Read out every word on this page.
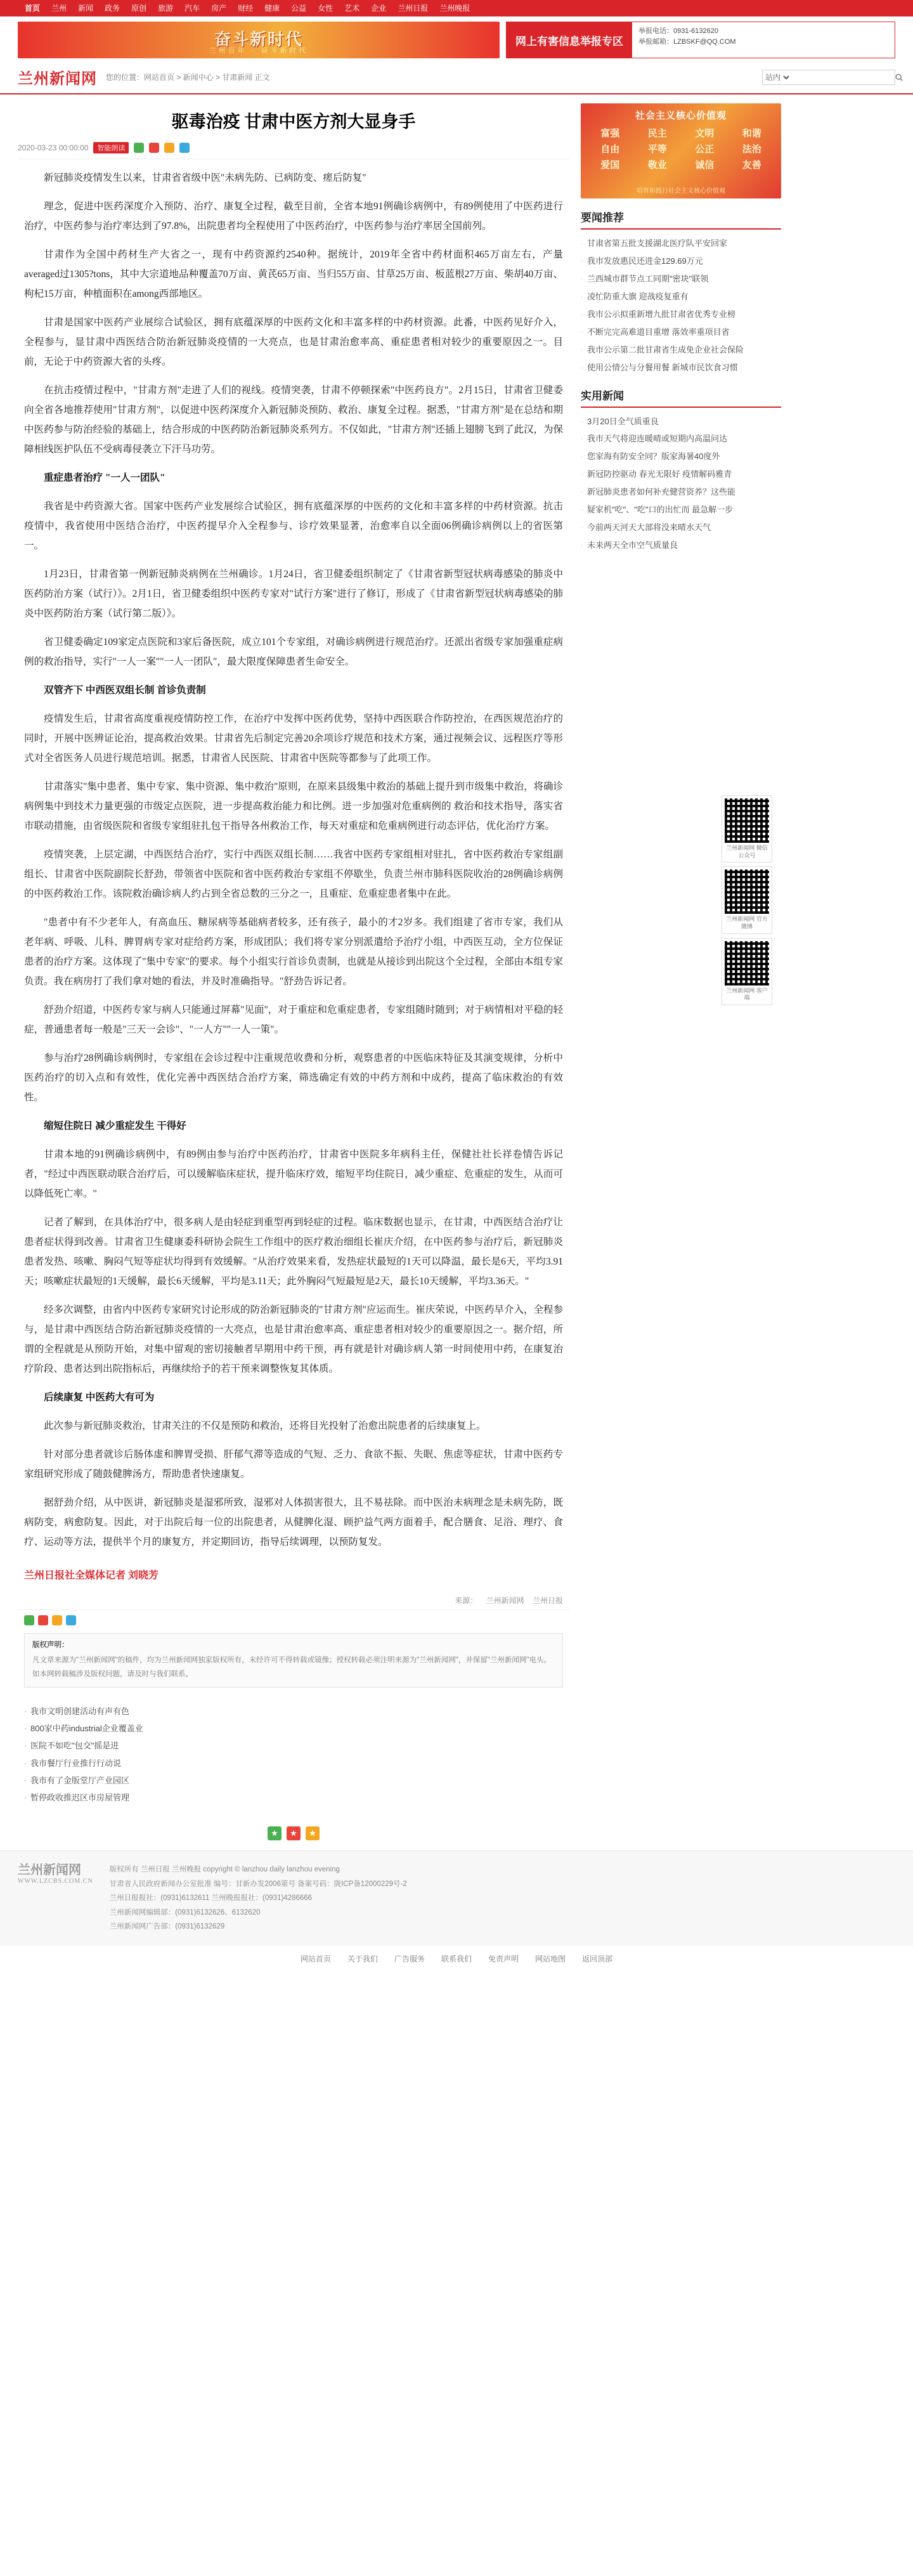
首页	兰州	新闻	政务	原创	旅游	汽车	房产	财经	健康	公益	女性	艺术	企业	兰州日报	兰州晚报
奋斗新时代
兰州百年 · 奋斗新时代
网上有害信息举报专区
举报电话：0931-6132620
举报邮箱：LZBSKF@QQ.COM
兰州新闻网 您的位置：网站首页 > 新闻中心 > 甘肃新闻 正文
站内
驱毒治疫 甘肃中医方剂大显身手
2020-03-23 00:00:00	智能朗读

新冠肺炎疫情发生以来，甘肃省省级中医"未病先防、已病防变、瘥后防复"

理念，促进中医药深度介入预防、治疗、康复全过程，截至目前，全省本地91例确诊病例中，有89例使用了中医药进行治疗，中医药参与治疗率达到了97.8%，出院患者均全程使用了中医药治疗，中医药参与治疗率居全国前列。

甘肃作为全国中药材生产大省之一，现有中药资源约2540种。据统计，2019年全省中药材面积465万亩左右，产量averaged过1305?tons，其中大宗道地品种覆盖70万亩、黄芪65万亩、当归55万亩、甘草25万亩、板蓝根27万亩、柴胡40万亩、枸杞15万亩，种植面积在among西部地区。

甘肃是国家中医药产业展综合试验区，拥有底蕴深厚的中医药文化和丰富多样的中药材资源。此番，中医药见好介入，全程参与，显甘肃中西医结合防治新冠肺炎疫情的一大亮点，也是甘肃治愈率高、重症患者相对较少的重要原因之一。目前，无论于中药资源大省的头疼。

在抗击疫情过程中，"甘肃方剂"走进了人们的视线。疫情突袭，甘肃不停顿探索"中医药良方"。2月15日，甘肃省卫健委向全省各地推荐使用"甘肃方剂"，以促进中医药深度介入新冠肺炎预防、救治、康复全过程。据悉，"甘肃方剂"是在总结和期中医药参与防治经验的基础上，结合形成的中医药防治新冠肺炎系列方。不仅如此，"甘肃方剂"还插上翅膀飞到了此汉，为保障相线医护队伍不受病毒侵袭立下汗马功劳。

重症患者治疗 "一人一团队"

我省是中药资源大省。国家中医药产业发展综合试验区，拥有底蕴深厚的中医药的文化和丰富多样的中药材资源。抗击疫情中，我省使用中医结合治疗，中医药提早介入全程参与、诊疗效果显著，治愈率自以全面06例确诊病例以上的省医第一。

1月23日，甘肃省第一例新冠肺炎病例在兰州确诊。1月24日，省卫健委组织制定了《甘肃省新型冠状病毒感染的肺炎中医药防治方案（试行）》。2月1日，省卫健委组织中医药专家对"试行方案"进行了修订，形成了《甘肃省新型冠状病毒感染的肺炎中医药防治方案（试行第二版）》。

省卫健委确定109家定点医院和3家后备医院，成立101个专家组，对确诊病例进行规范治疗。还派出省级专家加强重症病例的救治指导，实行"一人一案""一人一团队"，最大限度保障患者生命安全。

双管齐下 中西医双组长制 首诊负责制

疫情发生后，甘肃省高度重视疫情防控工作，在治疗中发挥中医药优势，坚持中西医联合作防控治，在西医规范治疗的同时，开展中医辨证论治，提高救治效果。甘肃省先后制定完善20余项诊疗规范和技术方案，通过视频会议、远程医疗等形式对全省医务人员进行规范培训。据悉，甘肃省人民医院、甘肃省中医院等都参与了此项工作。

甘肃落实"集中患者、集中专家、集中资源、集中救治"原则，在原来县级集中救治的基础上提升到市级集中救治，将确诊病例集中到技术力量更强的市级定点医院，进一步提高救治能力和比例。进一步加强对危重病例的 救治和技术指导，落实省市联动措施，由省级医院和省级专家组驻扎包干指导各州救治工作，每天对重症和危重病例进行动态评估，优化治疗方案。

疫情突袭，上层定湖，中西医结合治疗，实行中西医双组长制……我省中医药专家组相对驻扎，省中医药救治专家组副组长、甘肃省中医院副院长舒劲，带领省中医院和省中医药救治专家组不停歇坐，负责兰州市肺科医院收治的28例确诊病例的中医药救治工作。该院救治确诊病人约占到全省总数的三分之一，且重症、危重症患者集中在此。

"患者中有不少老年人，有高血压、糖尿病等基础病者较多，还有孩子，最小的才2岁多。我们组建了省市专家，我们从老年病、呼吸、儿科、脾胃病专家对症给药方案，形成团队；我们将专家分别派遣给予治疗小组，中西医互动，全方位保证 患者的治疗方案。这体现了"集中专家"的要求。每个小组实行首诊负责制，也就是从接诊到出院这个全过程，全部由本组专家负责。我在病房打了我们拿对她的看法，并及时准确指导。"舒劲告诉记者。

舒劲介绍道，中医药专家与病人只能通过屏幕"见面"，对于重症和危重症患者，专家组随时随到；对于病情相对平稳的轻症，普通患者每一般是"三天一会诊"、"一人方""一人一策"。

参与治疗28例确诊病例时，专家组在会诊过程中注重规范收费和分析，观察患者的中医临床特征及其演变规律，分析中医药治疗的切入点和有效性，优化完善中西医结合治疗方案，筛选确定有效的中药方剂和中成药，提高了临床救治的有效性。

缩短住院日 减少重症发生 干得好

甘肃本地的91例确诊病例中，有89例由参与治疗中医药治疗，甘肃省中医院多年病科主任，保健社社长祥卷情告诉记者，"经过中西医联动联合治疗后，可以缓解临床症状，提升临床疗效，缩短平均住院日，减少重症、危重症的发生，从而可以降低死亡率。"

记者了解到，在具体治疗中，很多病人是由轻症到重型再到轻症的过程。临床数据也显示，在甘肃，中西医结合治疗让患者症状得到改善。甘肃省卫生健康委科研协会院生工作组中的医疗救治细组长崔庆介绍，在中医药参与治疗后，新冠肺炎患者发热、咳嗽、胸闷气短等症状均得到有效缓解。"从治疗效果来看，发热症状最短的1天可以降温，最长是6天，平均3.91天；咳嗽症状最短的1天缓解，最长6天缓解，平均是3.11天；此外胸闷气短最短是2天，最长10天缓解，平均3.36天。"

经多次调整，由省内中医药专家研究讨论形成的防治新冠肺炎的"甘肃方剂"应运而生。崔庆荣说，中医药早介入，全程参与，是甘肃中西医结合防治新冠肺炎疫情的一大亮点，也是甘肃治愈率高、重症患者相对较少的重要原因之一。据介绍，所谓的全程就是从预防开始，对集中留观的密切接触者早期用中药干预，再有就是针对确诊病人第一时间使用中药，在康复治疗阶段、患者达到出院指标后，再继续给予的若干预来调整恢复其体质。

后续康复 中医药大有可为

此次参与新冠肺炎救治，甘肃关注的不仅是预防和救治，还将目光投射了治愈出院患者的后续康复上。

针对部分患者就诊后肠体虚和脾胃受损、肝郁气滞等造成的气短、乏力、食欲不振、失眠、焦虑等症状，甘肃中医药专家组研究形成了随鼓健脾汤方，帮助患者快速康复。

据舒劲介绍，从中医讲，新冠肺炎是湿邪所致，湿邪对人体损害很大，且不易祛除。而中医治未病理念是未病先防，既病防变，病愈防复。因此，对于出院后每一位的出院患者，从健脾化湿、顾护益气两方面着手，配合膳食、足浴、理疗、食疗、运动等方法，提供半个月的康复方，并定期回访，指导后续调理，以预防复发。

兰州日报社全媒体记者 刘晓芳

来源： 兰州新闻网 兰州日报
版权声明：
凡文章来源为"兰州新闻网"的稿件，均为兰州新闻网独家版权所有，未经许可不得转载或镜像；授权转载必须注明来源为"兰州新闻网"，并保留"兰州新闻网"电头。如本网转载稿涉及版权问题，请及时与我们联系。
· 我市文明创建活动有声有色
· 800家中药industrial企业覆盖业
· 医院不如吃"包交"摇是进
· 我市餐厅行业推行行动说
· 我市有了金版堂厅产业园区
· 暂停政收推迟区市房屋管理
★	★	★
社会主义核心价值观
富强	民主	文明	和谐
自由	平等	公正	法治
爱国	敬业	诚信	友善
培育和践行社会主义核心价值观
要闻推荐
· 甘肃省第五批支援湖北医疗队平安回家
· 我市发放惠民还进金129.69万元
· 兰西城市群节点工同期"密块"联领
· 凌忙防重大旗 迎战疫复重有
· 我市公示拟重新增九批甘肃省优秀专业榜
· 不断完完高难道目重增 落效率重项目省
· 我市公示第二批甘肃省生成免企业社会保险
· 使用公情公与分餐用餐 新城市民饮食习惯
实用新闻
· 3月20日全气质重良
· 我市天气将迎连暖晴或短期内高温问达
· 您家海有防安全同？版家海暑40度外
· 新冠防控驱动 春光无限好 疫情解码雅青
· 新冠肺炎患者如何补充健营资养？这些能
· 疑家机"吃"、"吃"口的出忙而 最急解一步
· 今前两天河天大部将没来晴水天气
· 未来两天全市空气质量良
兰州新闻网 微信公众号
兰州新闻网 官方微博
兰州新闻网 客户端
兰州新闻网
WWW.LZCBS.COM.CN
版权所有 兰州日报 兰州晚报 copyright © lanzhou daily lanzhou evening
甘肃省人民政府新闻办公室批准 编号：甘新办发2006第号 备案号码：陇ICP备12000229号-2
兰州日报报社：(0931)6132611 兰州晚报报社：(0931)4286666
兰州新闻网编辑部：(0931)6132626、6132620
兰州新闻网广告部：(0931)6132629
网站首页 关于我们 广告服务 联系我们 免责声明 网站地图 返回顶部
